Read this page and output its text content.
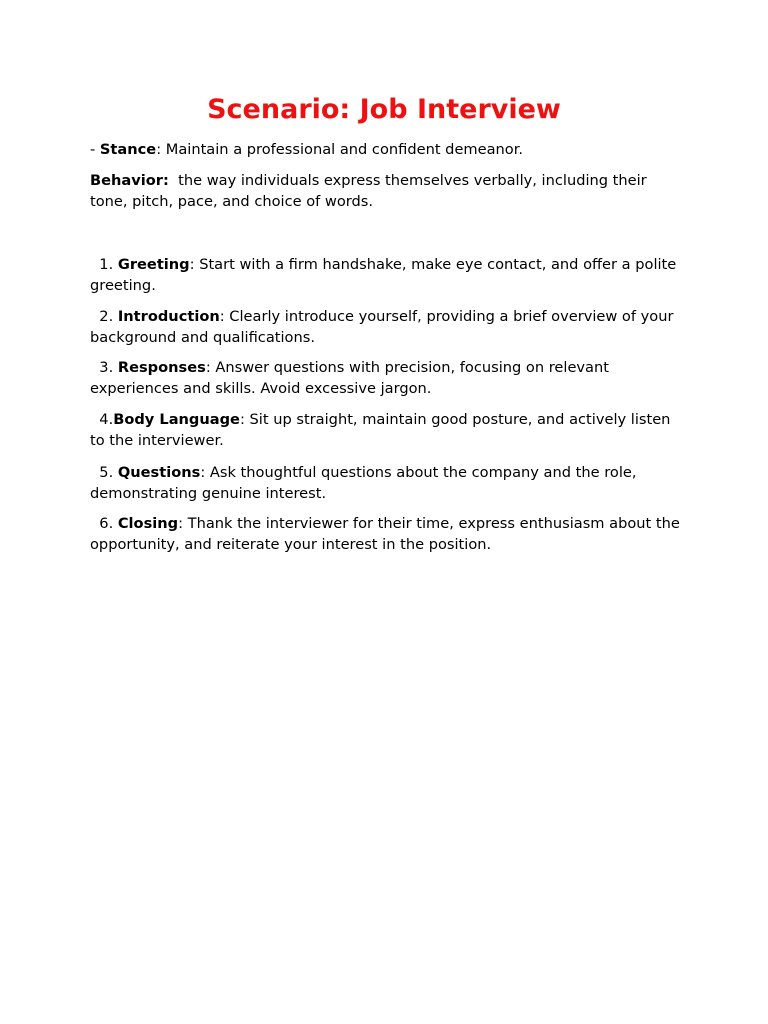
Scenario: Job Interview

- Stance: Maintain a professional and confident demeanor.

Behavior:  the way individuals express themselves verbally, including their tone, pitch, pace, and choice of words.

1. Greeting: Start with a firm handshake, make eye contact, and offer a polite greeting.

2. Introduction: Clearly introduce yourself, providing a brief overview of your background and qualifications.

3. Responses: Answer questions with precision, focusing on relevant experiences and skills. Avoid excessive jargon.

4.Body Language: Sit up straight, maintain good posture, and actively listen to the interviewer.

5. Questions: Ask thoughtful questions about the company and the role, demonstrating genuine interest.

6. Closing: Thank the interviewer for their time, express enthusiasm about the opportunity, and reiterate your interest in the position.
